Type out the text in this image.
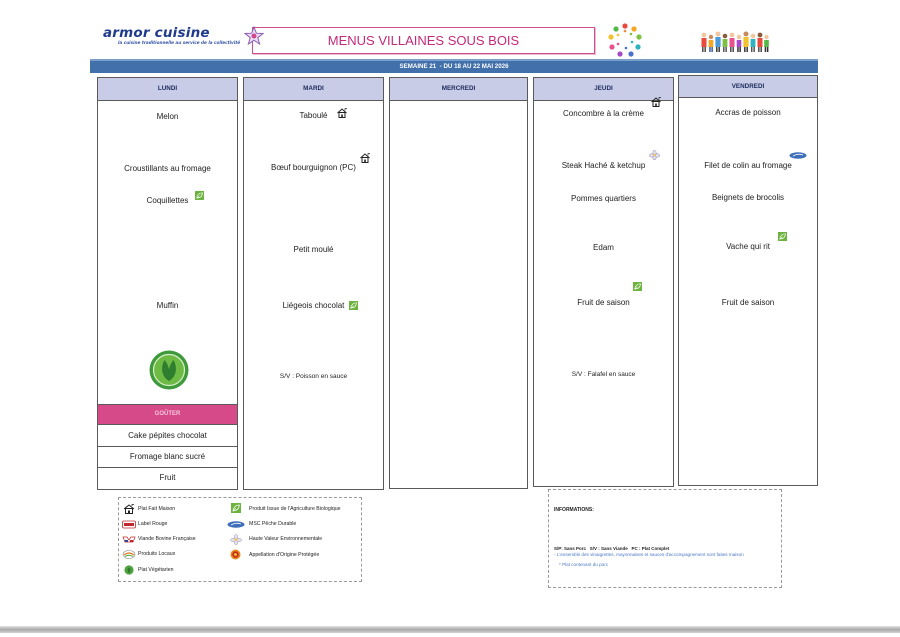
armor cuisine
la cuisine traditionnelle au service de la collectivité	MENUS VILLAINES SOUS BOIS
SEMAINE 21  - DU 18 AU 22 MAI 2026
LUNDI
Melon
Croustillants au fromage
Coquillettes
Muffin
GOÛTER
Cake pépites chocolat
Fromage blanc sucré
Fruit
MARDI
Taboulé
Bœuf bourguignon (PC)
Petit moulé
Liégeois chocolat
S/V : Poisson en sauce
MERCREDI	JEUDI
Concombre à la crème
Steak Haché & ketchup
Pommes quartiers
Edam
Fruit de saison
S/V : Falafel en sauce
VENDREDI
Accras de poisson
Filet de colin au fromage
Beignets de brocolis
Vache qui rit
Fruit de saison
Plat Fait Maison
Label Rouge
Viande Bovine Française
Produits Locaux
Plat Végétarien
Produit Issue de l'Agriculture Biologique
MSC Pêche Durable
Haute Valeur Environnementale
Appellation d'Origine Protégée
INFORMATIONS:
S/P: Sans Porc   S/V : Sans Viande   PC : Plat Complet
- L'ensemble des vinaigrettes, mayonnaises et sauces d'accompagnement sont faites maison
* Plat contenant du porc
